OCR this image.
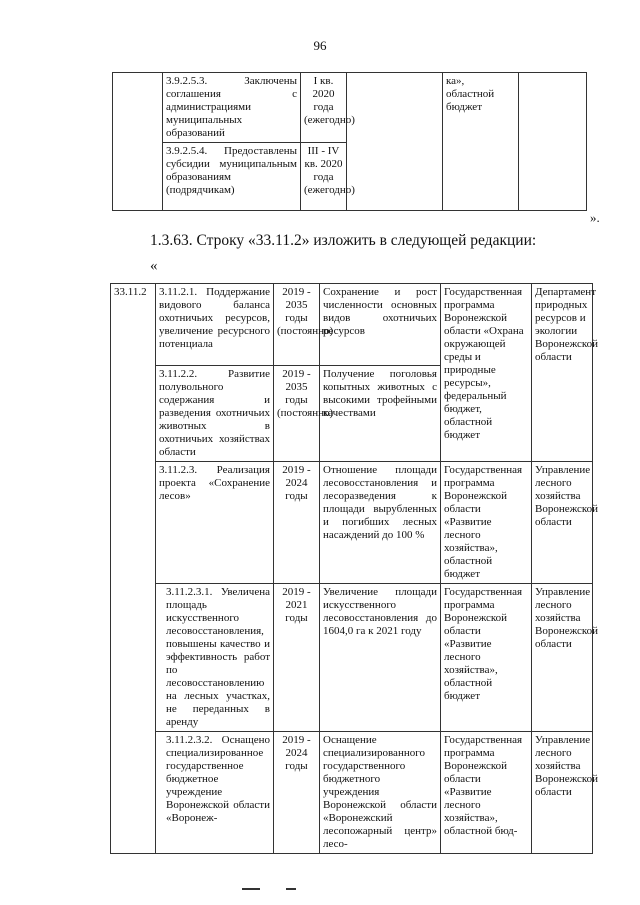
96
	3.9.2.5.3. Заключены соглашения с администрациями муниципальных образований	I кв. 2020 года (ежегодно)		ка», областной бюджет	
	3.9.2.5.4. Предоставлены субсидии муниципальным образованиям (подрядчикам)	III - IV кв. 2020 года (ежегодно)			
».
1.3.63. Строку «33.11.2» изложить в следующей редакции:
«
33.11.2	3.11.2.1. Поддержание видового баланса охотничьих ресурсов, увеличение ресурсного потенциала	2019 - 2035 годы (постоянно)	Сохранение и рост численности основных видов охотничьих ресурсов	Государственная программа Воронежской области «Охрана окружающей среды и природные ресурсы», федеральный бюджет, областной бюджет	Департамент природных ресурсов и экологии Воронежской области
	3.11.2.2. Развитие полувольного содержания и разведения охотничьих животных в охотничьих хозяйствах области	2019 - 2035 годы (постоянно)	Получение поголовья копытных животных с высокими трофейными качествами		
	3.11.2.3. Реализация проекта «Сохранение лесов»	2019 - 2024 годы	Отношение площади лесовосстановления и лесоразведения к площади вырубленных и погибших лесных насаждений до 100 %	Государственная программа Воронежской области «Развитие лесного хозяйства», областной бюджет	Управление лесного хозяйства Воронежской области
	3.11.2.3.1. Увеличена площадь искусственного лесовосстановления, повышены качество и эффективность работ по лесовосстановлению на лесных участках, не переданных в аренду	2019 - 2021 годы	Увеличение площади искусственного лесовосстановления до 1604,0 га к 2021 году	Государственная программа Воронежской области «Развитие лесного хозяйства», областной бюджет	Управление лесного хозяйства Воронежской области
	3.11.2.3.2. Оснащено специализированное государственное бюджетное учреждение Воронежской области «Воронеж-	2019 - 2024 годы	Оснащение специализированного государственного бюджетного учреждения Воронежской области «Воронежский лесопожарный центр» лесо-	Государственная программа Воронежской области «Развитие лесного хозяйства», областной бюд-	Управление лесного хозяйства Воронежской области
